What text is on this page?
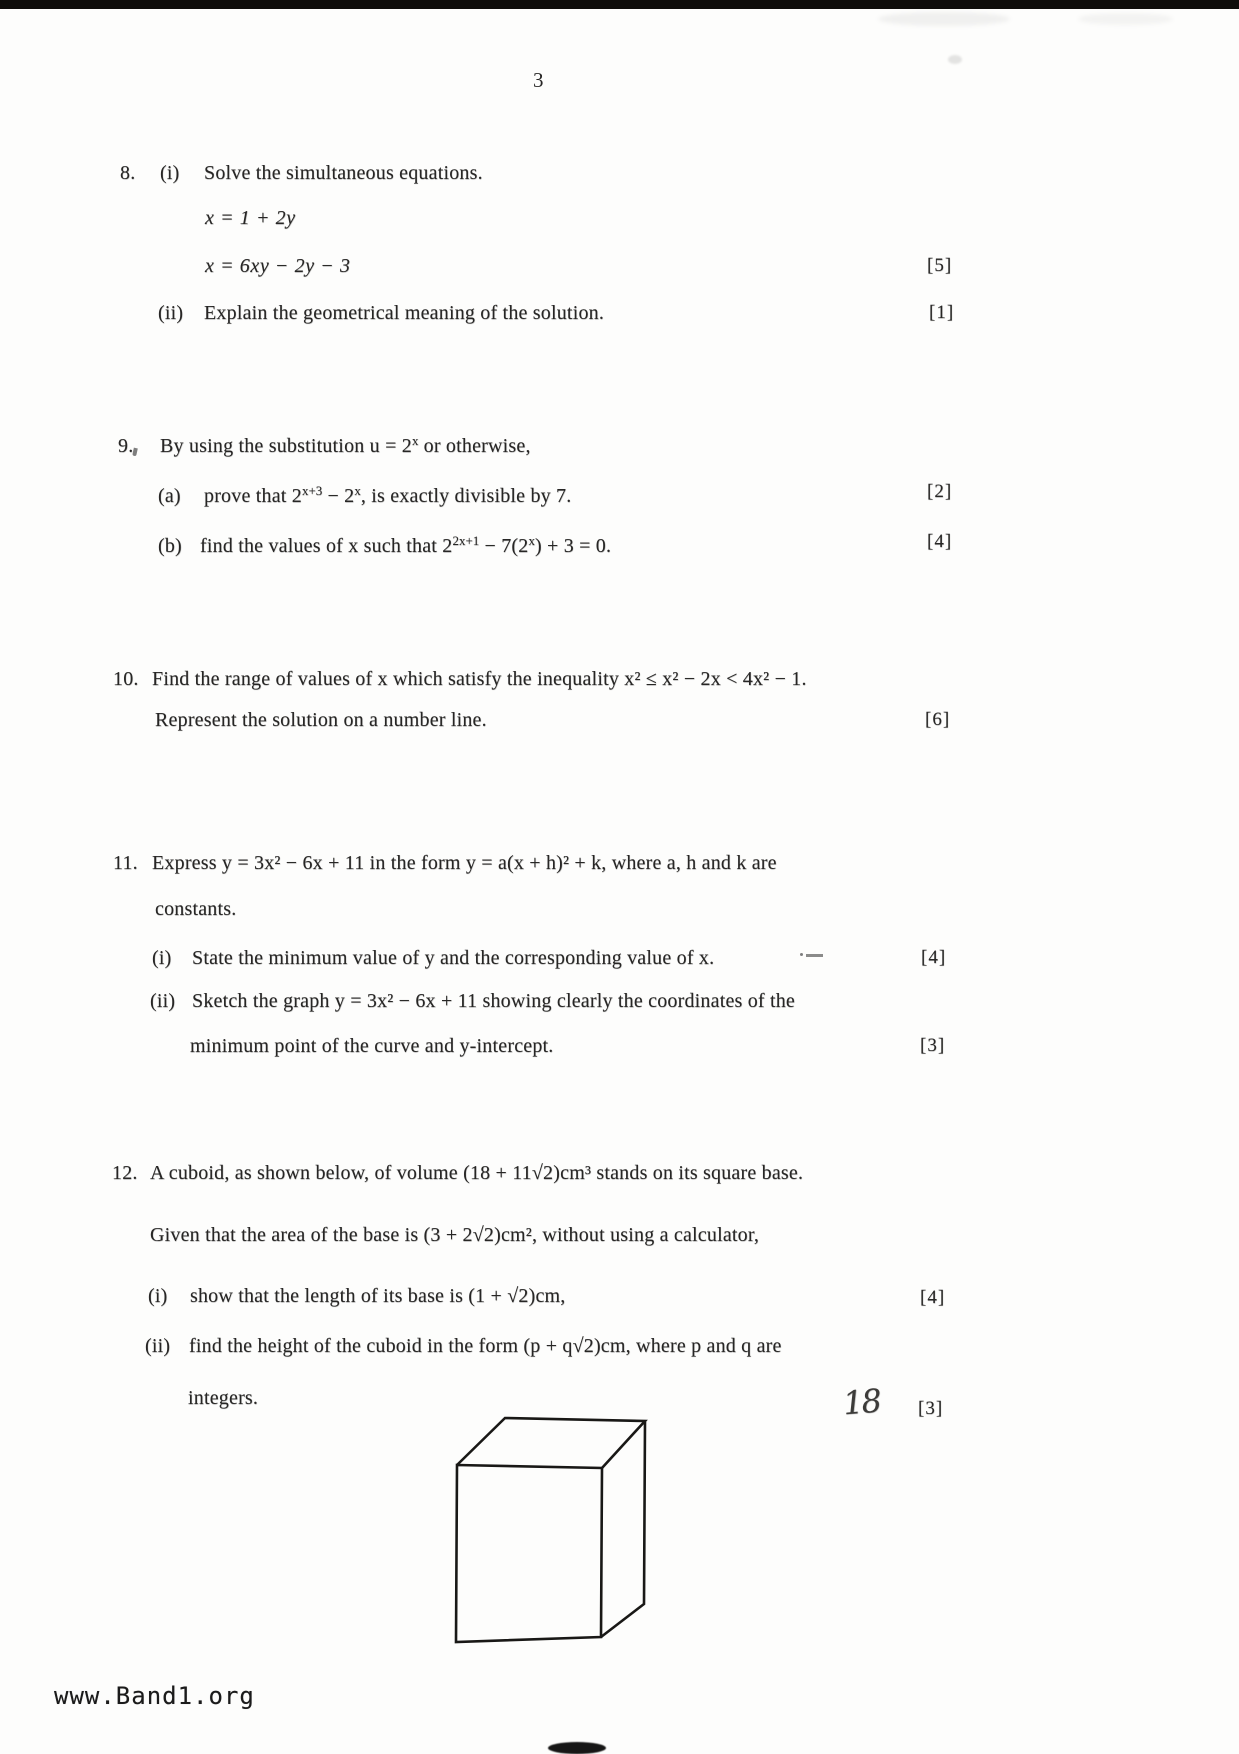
3
8. (i) Solve the simultaneous equations.
x = 1 + 2y
x = 6xy − 2y − 3	[5]
(ii) Explain the geometrical meaning of the solution.	[1]
9. By using the substitution $u = 2^x$ or otherwise,
(a) prove that $2^{x+3} - 2^x$, is exactly divisible by 7.	[2]
(b) find the values of x such that $2^{2x+1} - 7(2^x) + 3 = 0$.	[4]
10. Find the range of values of x which satisfy the inequality x² ≤ x² − 2x < 4x² − 1.
Represent the solution on a number line.	[6]
11. Express y = 3x² − 6x + 11 in the form y = a(x + h)² + k, where a, h and k are
constants.
(i) State the minimum value of y and the corresponding value of x.	[4]
(ii) Sketch the graph y = 3x² − 6x + 11 showing clearly the coordinates of the
minimum point of the curve and y-intercept.	[3]
12. A cuboid, as shown below, of volume (18 + 11√2)cm³ stands on its square base.
Given that the area of the base is (3 + 2√2)cm², without using a calculator,
(i) show that the length of its base is (1 + √2)cm,	[4]
(ii) find the height of the cuboid in the form (p + q√2)cm, where p and q are
integers.	[3]
18
www.Band1.org
